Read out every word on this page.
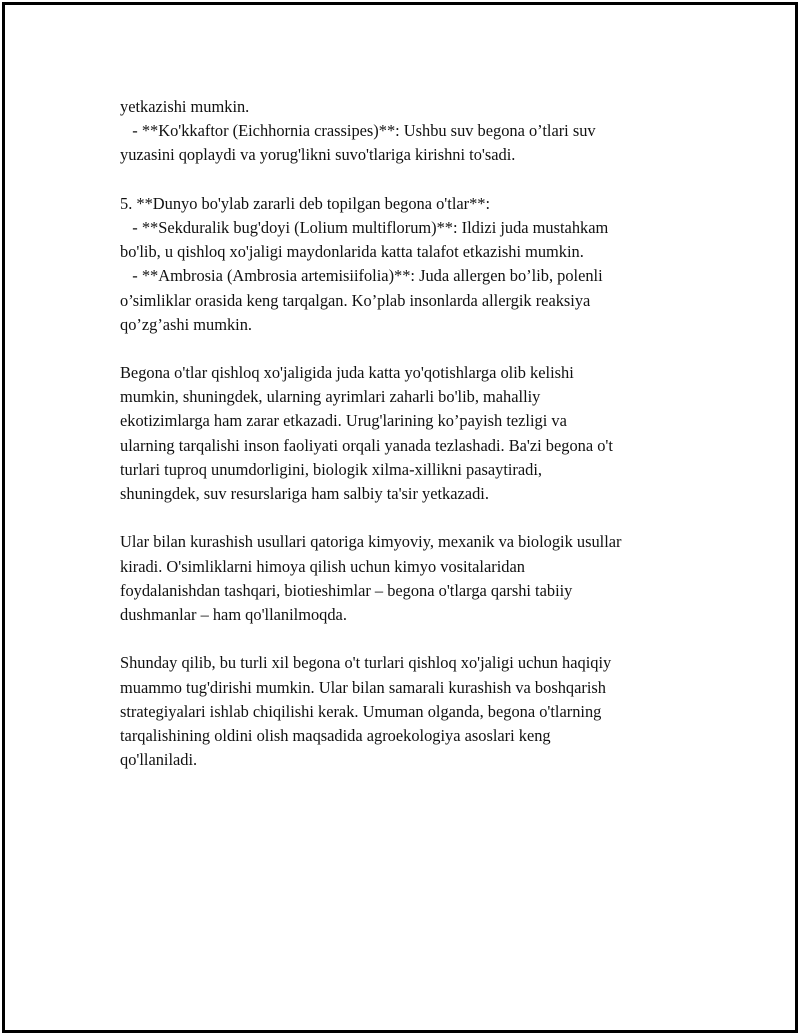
yetkazishi mumkin.
- **Ko'kkaftor (Eichhornia crassipes)**: Ushbu suv begona o’tlari suv
yuzasini qoplaydi va yorug'likni suvo'tlariga kirishni to'sadi.
5. **Dunyo bo'ylab zararli deb topilgan begona o'tlar**:
- **Sekduralik bug'doyi (Lolium multiflorum)**: Ildizi juda mustahkam
bo'lib, u qishloq xo'jaligi maydonlarida katta talafot etkazishi mumkin.
- **Ambrosia (Ambrosia artemisiifolia)**: Juda allergen bo’lib, polenli
o’simliklar orasida keng tarqalgan. Ko’plab insonlarda allergik reaksiya
qo’zg’ashi mumkin.
Begona o'tlar qishloq xo'jaligida juda katta yo'qotishlarga olib kelishi
mumkin, shuningdek, ularning ayrimlari zaharli bo'lib, mahalliy
ekotizimlarga ham zarar etkazadi. Urug'larining ko’payish tezligi va
ularning tarqalishi inson faoliyati orqali yanada tezlashadi. Ba'zi begona o't
turlari tuproq unumdorligini, biologik xilma-xillikni pasaytiradi,
shuningdek, suv resurslariga ham salbiy ta'sir yetkazadi.
Ular bilan kurashish usullari qatoriga kimyoviy, mexanik va biologik usullar
kiradi. O'simliklarni himoya qilish uchun kimyo vositalaridan
foydalanishdan tashqari, biotieshimlar – begona o'tlarga qarshi tabiiy
dushmanlar – ham qo'llanilmoqda.
Shunday qilib, bu turli xil begona o't turlari qishloq xo'jaligi uchun haqiqiy
muammo tug'dirishi mumkin. Ular bilan samarali kurashish va boshqarish
strategiyalari ishlab chiqilishi kerak. Umuman olganda, begona o'tlarning
tarqalishining oldini olish maqsadida agroekologiya asoslari keng
qo'llaniladi.
